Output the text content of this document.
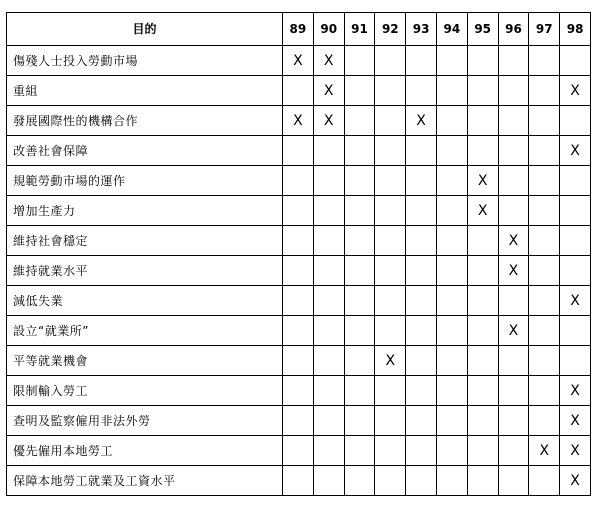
目的	89	90	91	92	93	94	95	96	97	98
傷殘人士投入勞動市場	X	X								
重組		X								X
發展國際性的機構合作	X	X			X					
改善社會保障										X
規範勞動市場的運作							X			
增加生產力							X			
維持社會穩定								X		
維持就業水平								X		
減低失業										X
設立“就業所”								X		
平等就業機會				X						
限制輸入勞工										X
查明及監察僱用非法外勞										X
優先僱用本地勞工									X	X
保障本地勞工就業及工資水平										X
